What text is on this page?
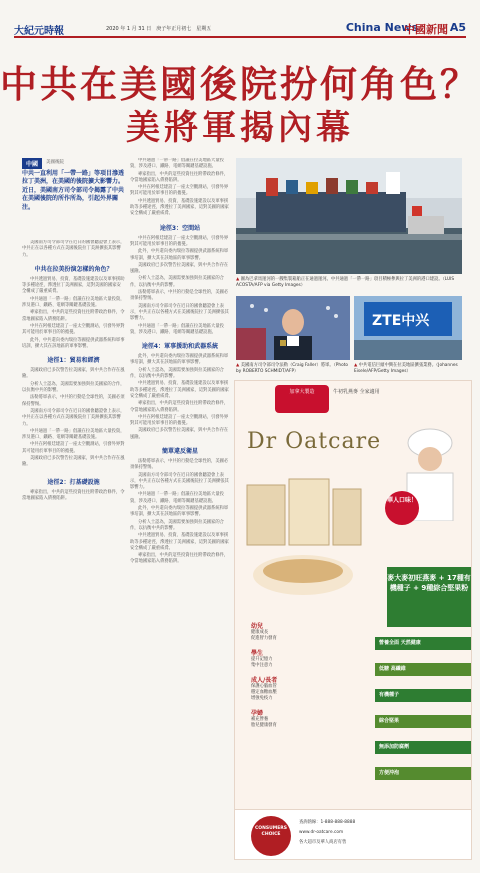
大紀元時報	2020 年 1 月 31 日　庚子年正月初七　星期五	China News
中國新聞 A5
中共在美國後院扮何角色？
美將軍揭內幕
中國	美國後院
中共一直利用「一帶一路」等項目滲透拉丁美洲，在美國的後院擴大影響力。近日，美國南方司令部司令揭露了中共在美國後院的所作所為，引起外界關注。

美國南方司令部司令在近日的國會聽證會上表示，中共正在以各種方式在美國後院拉丁美洲擴張其影響力。

中共在拉美扮演怎樣的角色？

中共透過貿易、投資、基礎設施建設以及軍事援助等多種途徑，滲透拉丁美洲國家，這對美國的國家安全構成了嚴重威脅。

中共通過「一帶一路」倡議在拉美地區大量投資，涉及港口、鐵路、電網等關鍵基礎設施。

專家指出，中共的這些投資往往附帶政治條件，令當地國家陷入債務陷阱。

中共在阿根廷建設了一座太空觀測站，引發外界對其可能用於軍事目的的擔憂。

此外，中共還向委內瑞拉等國提供武器系統和軍事培訓，擴大其在該地區的軍事影響。

途徑1：貿易和經濟

美國政府已多次警告拉美國家，與中共合作存在風險。

分析人士認為，美國需要加強與拉美國家的合作，以抗衡中共的影響。

法勒將軍表示，中共的行動是全球性的，美國必須保持警惕。

美國南方司令部司令在近日的國會聽證會上表示，中共正在以各種方式在美國後院拉丁美洲擴張其影響力。

中共通過「一帶一路」倡議在拉美地區大量投資，涉及港口、鐵路、電網等關鍵基礎設施。

中共在阿根廷建設了一座太空觀測站，引發外界對其可能用於軍事目的的擔憂。

美國政府已多次警告拉美國家，與中共合作存在風險。

途徑2：打基礎設施

專家指出，中共的這些投資往往附帶政治條件，令當地國家陷入債務陷阱。

中共通過「一帶一路」倡議在拉美地區大量投資，涉及港口、鐵路、電網等關鍵基礎設施。

專家指出，中共的這些投資往往附帶政治條件，令當地國家陷入債務陷阱。

中共在阿根廷建設了一座太空觀測站，引發外界對其可能用於軍事目的的擔憂。

中共透過貿易、投資、基礎設施建設以及軍事援助等多種途徑，滲透拉丁美洲國家，這對美國的國家安全構成了嚴重威脅。

途徑3：空間站

中共在阿根廷建設了一座太空觀測站，引發外界對其可能用於軍事目的的擔憂。

此外，中共還向委內瑞拉等國提供武器系統和軍事培訓，擴大其在該地區的軍事影響。

美國政府已多次警告拉美國家，與中共合作存在風險。

分析人士認為，美國需要加強與拉美國家的合作，以抗衡中共的影響。

法勒將軍表示，中共的行動是全球性的，美國必須保持警惕。

美國南方司令部司令在近日的國會聽證會上表示，中共正在以各種方式在美國後院拉丁美洲擴張其影響力。

中共通過「一帶一路」倡議在拉美地區大量投資，涉及港口、鐵路、電網等關鍵基礎設施。

途徑4：軍事援助和武器系統

此外，中共還向委內瑞拉等國提供武器系統和軍事培訓，擴大其在該地區的軍事影響。

分析人士認為，美國需要加強與拉美國家的合作，以抗衡中共的影響。

中共透過貿易、投資、基礎設施建設以及軍事援助等多種途徑，滲透拉丁美洲國家，這對美國的國家安全構成了嚴重威脅。

專家指出，中共的這些投資往往附帶政治條件，令當地國家陷入債務陷阱。

中共在阿根廷建設了一座太空觀測站，引發外界對其可能用於軍事目的的擔憂。

美國政府已多次警告拉美國家，與中共合作存在風險。

簡單違反衛星

法勒將軍表示，中共的行動是全球性的，美國必須保持警惕。

美國南方司令部司令在近日的國會聽證會上表示，中共正在以各種方式在美國後院拉丁美洲擴張其影響力。

中共通過「一帶一路」倡議在拉美地區大量投資，涉及港口、鐵路、電網等關鍵基礎設施。

此外，中共還向委內瑞拉等國提供武器系統和軍事培訓，擴大其在該地區的軍事影響。

分析人士認為，美國需要加強與拉美國家的合作，以抗衡中共的影響。

中共透過貿易、投資、基礎設施建設以及軍事援助等多種途徑，滲透拉丁美洲國家，這對美國的國家安全構成了嚴重威脅。

專家指出，中共的這些投資往往附帶政治條件，令當地國家陷入債務陷阱。

▲ 圖為巴拿馬運河的一艘集裝箱船正在通過運河。中共通過「一帶一路」項目積極參與拉丁美洲的港口建設。（LUIS ACOSTA/AFP via Getty Images）
▲ 美國南方司令部司令法勒（Craig Faller）將軍。（Photo by ROBERTO SCHMIDT/AFP）
ZTE中兴
▲ 中共電信巨頭中興在拉美地區擴張業務。（Johannes Eisele/AFP/Getty Images）
加拿大製造	牛初乳燕麥 全家適用
Dr Oatcare
華人口味！
麥大麥初旺燕麥 + 17種有機種子 + 9種綜合堅果粉
幼兒
健康成長
促進智力發育
學生
提升記憶力
集中注意力
成人/長者
保護心腦血管
穩定血糖血壓
增強免疫力
孕婦
補充營養
胎兒健康發育
營養全面 天然健康
低糖 高纖維
有機種子
綜合堅果
無添加防腐劑
方便沖泡
CONSUMERS CHOICE
查詢熱線：1-888-888-8888
www.dr-oatcare.com
各大超市及華人商店有售
